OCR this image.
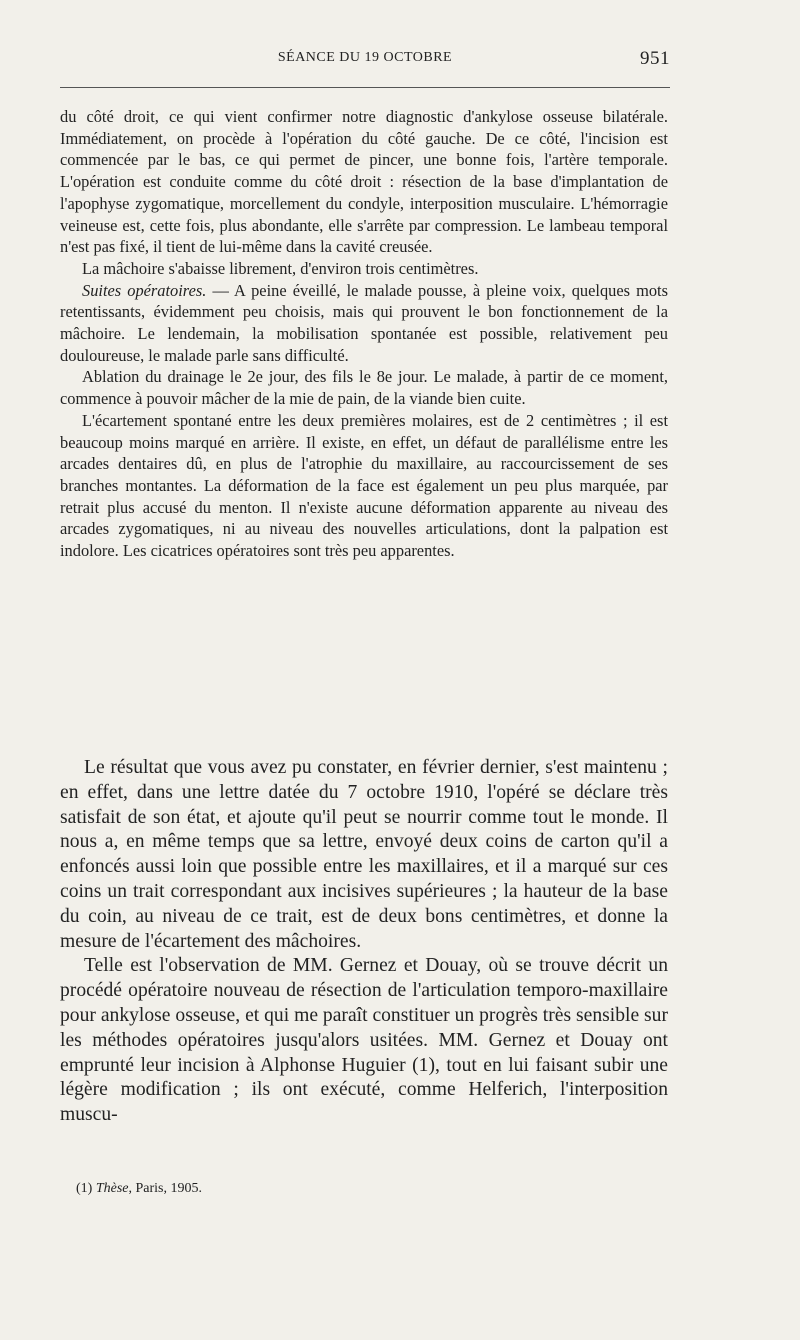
SÉANCE DU 19 OCTOBRE	951

du côté droit, ce qui vient confirmer notre diagnostic d'ankylose osseuse bilatérale. Immédiatement, on procède à l'opération du côté gauche. De ce côté, l'incision est commencée par le bas, ce qui permet de pincer, une bonne fois, l'artère temporale. L'opération est conduite comme du côté droit : résection de la base d'implantation de l'apophyse zygomatique, morcellement du condyle, interposition musculaire. L'hémorragie veineuse est, cette fois, plus abondante, elle s'arrête par compression. Le lambeau temporal n'est pas fixé, il tient de lui-même dans la cavité creusée.

La mâchoire s'abaisse librement, d'environ trois centimètres.

Suites opératoires. — A peine éveillé, le malade pousse, à pleine voix, quelques mots retentissants, évidemment peu choisis, mais qui prouvent le bon fonctionnement de la mâchoire. Le lendemain, la mobilisation spontanée est possible, relativement peu douloureuse, le malade parle sans difficulté.

Ablation du drainage le 2e jour, des fils le 8e jour. Le malade, à partir de ce moment, commence à pouvoir mâcher de la mie de pain, de la viande bien cuite.

L'écartement spontané entre les deux premières molaires, est de 2 centimètres ; il est beaucoup moins marqué en arrière. Il existe, en effet, un défaut de parallélisme entre les arcades dentaires dû, en plus de l'atrophie du maxillaire, au raccourcissement de ses branches montantes. La déformation de la face est également un peu plus marquée, par retrait plus accusé du menton. Il n'existe aucune déformation apparente au niveau des arcades zygomatiques, ni au niveau des nouvelles articulations, dont la palpation est indolore. Les cicatrices opératoires sont très peu apparentes.

Le résultat que vous avez pu constater, en février dernier, s'est maintenu ; en effet, dans une lettre datée du 7 octobre 1910, l'opéré se déclare très satisfait de son état, et ajoute qu'il peut se nourrir comme tout le monde. Il nous a, en même temps que sa lettre, envoyé deux coins de carton qu'il a enfoncés aussi loin que possible entre les maxillaires, et il a marqué sur ces coins un trait correspondant aux incisives supérieures ; la hauteur de la base du coin, au niveau de ce trait, est de deux bons centimètres, et donne la mesure de l'écartement des mâchoires.

Telle est l'observation de MM. Gernez et Douay, où se trouve décrit un procédé opératoire nouveau de résection de l'articulation temporo-maxillaire pour ankylose osseuse, et qui me paraît constituer un progrès très sensible sur les méthodes opératoires jusqu'alors usitées. MM. Gernez et Douay ont emprunté leur incision à Alphonse Huguier (1), tout en lui faisant subir une légère modification ; ils ont exécuté, comme Helferich, l'interposition muscu-

(1) Thèse, Paris, 1905.
